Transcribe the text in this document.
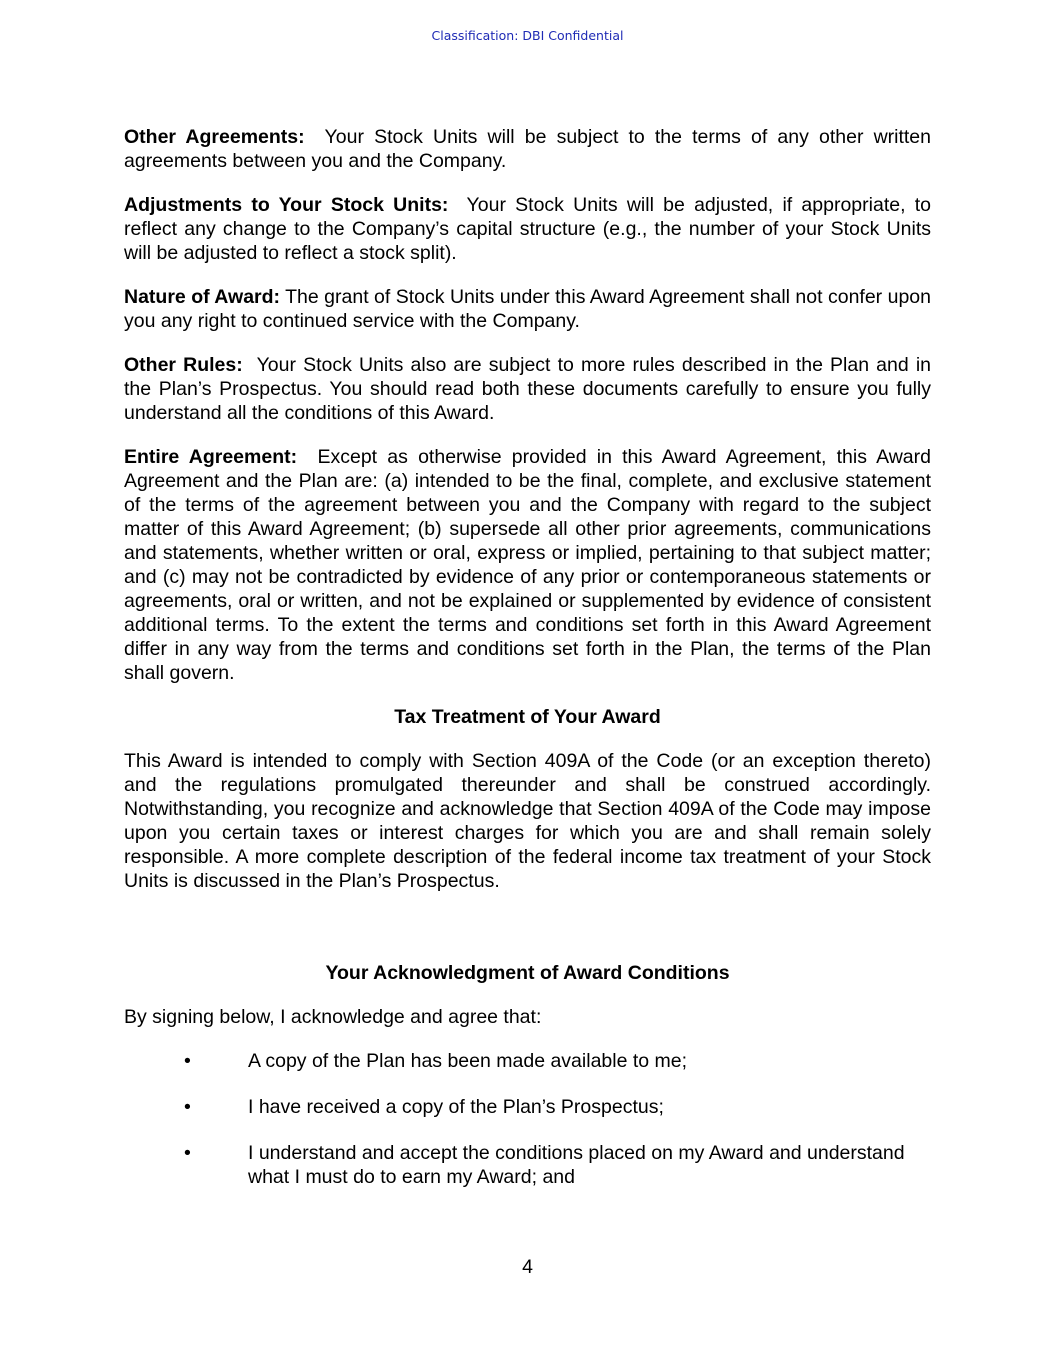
Classification: DBI Confidential

Other Agreements: Your Stock Units will be subject to the terms of any other written agreements between you and the Company.

Adjustments to Your Stock Units: Your Stock Units will be adjusted, if appropriate, to reflect any change to the Company’s capital structure (e.g., the number of your Stock Units will be adjusted to reflect a stock split).

Nature of Award: The grant of Stock Units under this Award Agreement shall not confer upon you any right to continued service with the Company.

Other Rules: Your Stock Units also are subject to more rules described in the Plan and in the Plan’s Prospectus. You should read both these documents carefully to ensure you fully understand all the conditions of this Award.

Entire Agreement: Except as otherwise provided in this Award Agreement, this Award Agreement and the Plan are: (a) intended to be the final, complete, and exclusive statement of the terms of the agreement between you and the Company with regard to the subject matter of this Award Agreement; (b) supersede all other prior agreements, communications and statements, whether written or oral, express or implied, pertaining to that subject matter; and (c) may not be contradicted by evidence of any prior or contemporaneous statements or agreements, oral or written, and not be explained or supplemented by evidence of consistent additional terms. To the extent the terms and conditions set forth in this Award Agreement differ in any way from the terms and conditions set forth in the Plan, the terms of the Plan shall govern.

Tax Treatment of Your Award

This Award is intended to comply with Section 409A of the Code (or an exception thereto) and the regulations promulgated thereunder and shall be construed accordingly. Notwithstanding, you recognize and acknowledge that Section 409A of the Code may impose upon you certain taxes or interest charges for which you are and shall remain solely responsible. A more complete description of the federal income tax treatment of your Stock Units is discussed in the Plan’s Prospectus.

Your Acknowledgment of Award Conditions

By signing below, I acknowledge and agree that:

•	A copy of the Plan has been made available to me;
•	I have received a copy of the Plan’s Prospectus;
•	I understand and accept the conditions placed on my Award and understand what I must do to earn my Award; and
4
